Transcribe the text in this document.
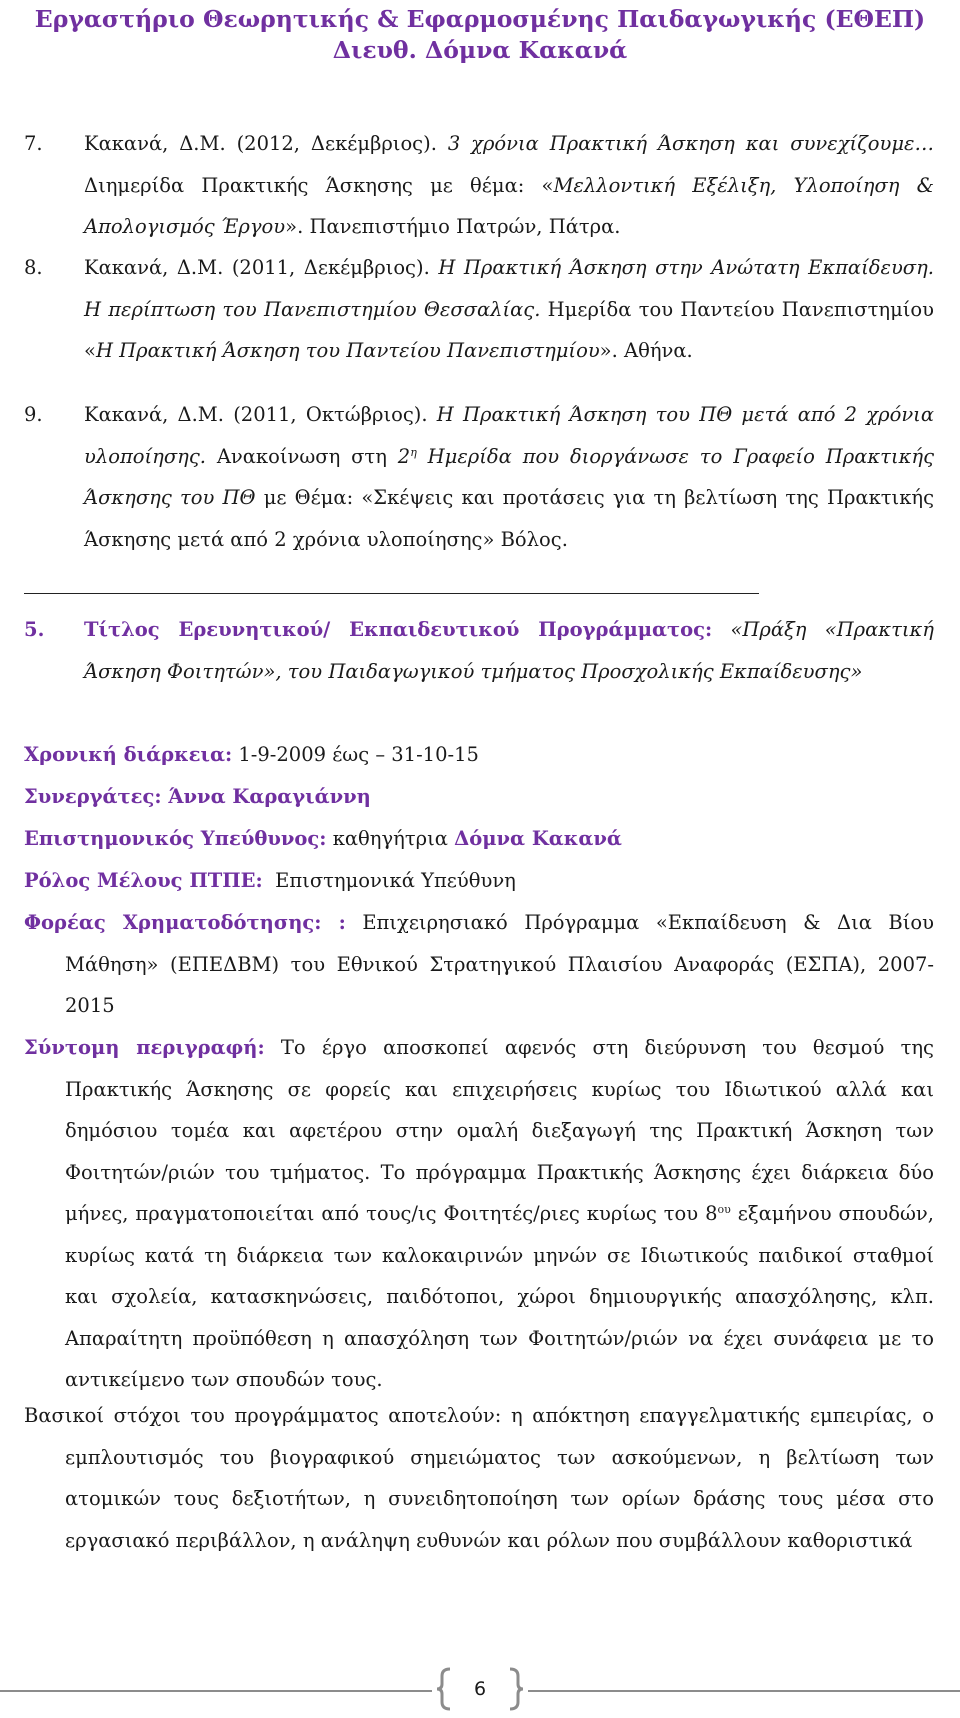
Εργαστήριο Θεωρητικής & Εφαρμοσμένης Παιδαγωγικής (ΕΘΕΠ)
Διευθ. Δόμνα Κακανά
7. Κακανά, Δ.Μ. (2012, Δεκέμβριος). 3 χρόνια Πρακτική Άσκηση και συνεχίζουμε… Διημερίδα Πρακτικής Άσκησης με θέμα: «Μελλοντική Εξέλιξη, Υλοποίηση & Απολογισμός Έργου». Πανεπιστήμιο Πατρών, Πάτρα.
8. Κακανά, Δ.Μ. (2011, Δεκέμβριος). Η Πρακτική Άσκηση στην Ανώτατη Εκπαίδευση. Η περίπτωση του Πανεπιστημίου Θεσσαλίας. Ημερίδα του Παντείου Πανεπιστημίου «Η Πρακτική Άσκηση του Παντείου Πανεπιστημίου». Αθήνα.
9. Κακανά, Δ.Μ. (2011, Οκτώβριος). Η Πρακτική Άσκηση του ΠΘ μετά από 2 χρόνια υλοποίησης. Ανακοίνωση στη $2^\eta$ Ημερίδα που διοργάνωσε το Γραφείο Πρακτικής Άσκησης του ΠΘ με Θέμα: «Σκέψεις και προτάσεις για τη βελτίωση της Πρακτικής Άσκησης μετά από 2 χρόνια υλοποίησης» Βόλος.
5. Τίτλος Ερευνητικού/ Εκπαιδευτικού Προγράμματος: «Πράξη «Πρακτική Άσκηση Φοιτητών», του Παιδαγωγικού τμήματος Προσχολικής Εκπαίδευσης»
Χρονική διάρκεια: 1-9-2009 έως – 31-10-15
Συνεργάτες: Άννα Καραγιάννη
Επιστημονικός Υπεύθυνος: καθηγήτρια Δόμνα Κακανά
Ρόλος Μέλους ΠΤΠΕ:  Επιστημονικά Υπεύθυνη
Φορέας Χρηματοδότησης: : Επιχειρησιακό Πρόγραμμα «Εκπαίδευση & Δια Βίου Μάθηση» (ΕΠΕΔΒΜ) του Εθνικού Στρατηγικού Πλαισίου Αναφοράς (ΕΣΠΑ), 2007-2015
Σύντομη περιγραφή: Το έργο αποσκοπεί αφενός στη διεύρυνση του θεσμού της Πρακτικής Άσκησης σε φορείς και επιχειρήσεις κυρίως του Ιδιωτικού αλλά και δημόσιου τομέα και αφετέρου στην ομαλή διεξαγωγή της Πρακτική Άσκηση των Φοιτητών/ριών του τμήματος. Το πρόγραμμα Πρακτικής Άσκησης έχει διάρκεια δύο μήνες, πραγματοποιείται από τους/ις Φοιτητές/ριες κυρίως του $8^{o\upsilon}$ εξαμήνου σπουδών, κυρίως κατά τη διάρκεια των καλοκαιρινών μηνών σε Ιδιωτικούς παιδικοί σταθμοί και σχολεία, κατασκηνώσεις, παιδότοποι, χώροι δημιουργικής απασχόλησης, κλπ. Απαραίτητη προϋπόθεση η απασχόληση των Φοιτητών/ριών να έχει συνάφεια με το αντικείμενο των σπουδών τους.
Βασικοί στόχοι του προγράμματος αποτελούν: η απόκτηση επαγγελματικής εμπειρίας, ο εμπλουτισμός του βιογραφικού σημειώματος των ασκούμενων, η βελτίωση των ατομικών τους δεξιοτήτων, η συνειδητοποίηση των ορίων δράσης τους μέσα στο εργασιακό περιβάλλον, η ανάληψη ευθυνών και ρόλων που συμβάλλουν καθοριστικά
6
